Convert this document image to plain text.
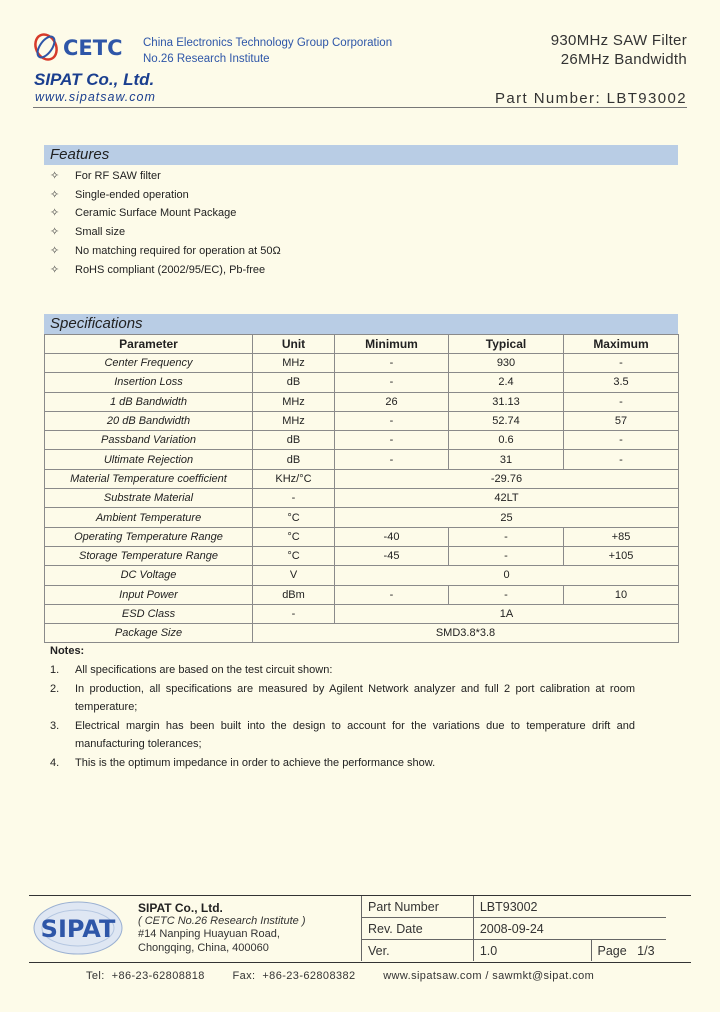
CETC China Electronics Technology Group Corporation
No.26 Research Institute
SIPAT Co., Ltd.
www.sipatsaw.com
930MHz SAW Filter
26MHz Bandwidth
Part Number: LBT93002
Features
✧	For RF SAW filter
✧	Single-ended operation
✧	Ceramic Surface Mount Package
✧	Small size
✧	No matching required for operation at 50Ω
✧	RoHS compliant (2002/95/EC), Pb-free
Specifications
Parameter	Unit	Minimum	Typical	Maximum
Center Frequency	MHz	-	930	-
Insertion Loss	dB	-	2.4	3.5
1 dB Bandwidth	MHz	26	31.13	-
20 dB Bandwidth	MHz	-	52.74	57
Passband Variation	dB	-	0.6	-
Ultimate Rejection	dB	-	31	-
Material Temperature coefficient	KHz/°C	-29.76		
Substrate Material	-	42LT		
Ambient Temperature	°C	25		
Operating Temperature Range	°C	-40	-	+85
Storage Temperature Range	°C	-45	-	+105
DC Voltage	V	0		
Input Power	dBm	-	-	10
ESD Class	-	1A		
Package Size	SMD3.8*3.8			
Notes:
1.	All specifications are based on the test circuit shown:
2.	In production, all specifications are measured by Agilent Network analyzer and full 2 port calibration at room temperature;
3.	Electrical margin has been built into the design to account for the variations due to temperature drift and manufacturing tolerances;
4.	This is the optimum impedance in order to achieve the performance show.
SIPAT
SIPAT Co., Ltd.
( CETC No.26 Research Institute )
#14 Nanping Huayuan Road,
Chongqing, China, 400060
Part Number	LBT93002	
Rev. Date	2008-09-24	
Ver.	1.0	Page 1/3
Tel:  +86-23-62808818	Fax:  +86-23-62808382	www.sipatsaw.com / sawmkt@sipat.com
